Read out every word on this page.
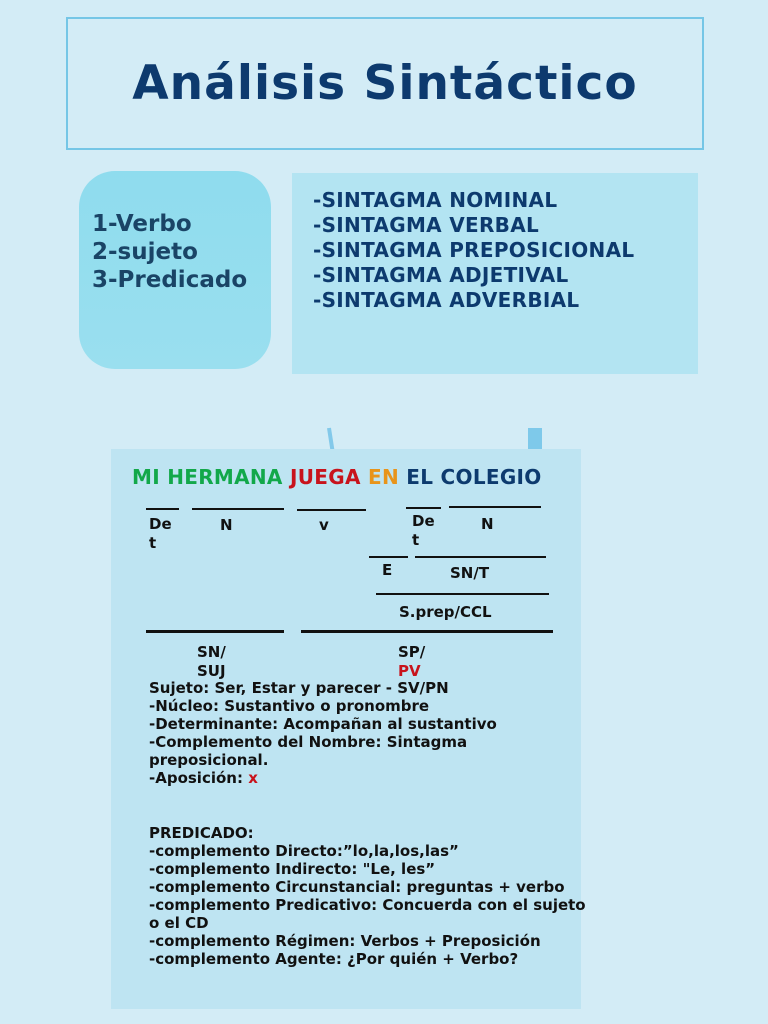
Análisis Sintáctico
1-Verbo
2-sujeto
3-Predicado
-SINTAGMA NOMINAL
-SINTAGMA VERBAL
-SINTAGMA PREPOSICIONAL
-SINTAGMA ADJETIVAL
-SINTAGMA ADVERBIAL
MI HERMANA JUEGA EN EL COLEGIO
De
t
N	v	De
t
N
E	SN/T
S.prep/CCL
SN/
SUJ
SP/
PV

Sujeto: Ser, Estar y parecer - SV/PN

-Núcleo: Sustantivo o pronombre

-Determinante: Acompañan al sustantivo

-Complemento del Nombre: Sintagma preposicional.

-Aposición: x

PREDICADO:

-complemento Directo:”lo,la,los,las”

-complemento Indirecto: "Le, les”

-complemento Circunstancial: preguntas + verbo

-complemento Predicativo: Concuerda con el sujeto o el CD

-complemento Régimen: Verbos + Preposición

-complemento Agente: ¿Por quién + Verbo?
